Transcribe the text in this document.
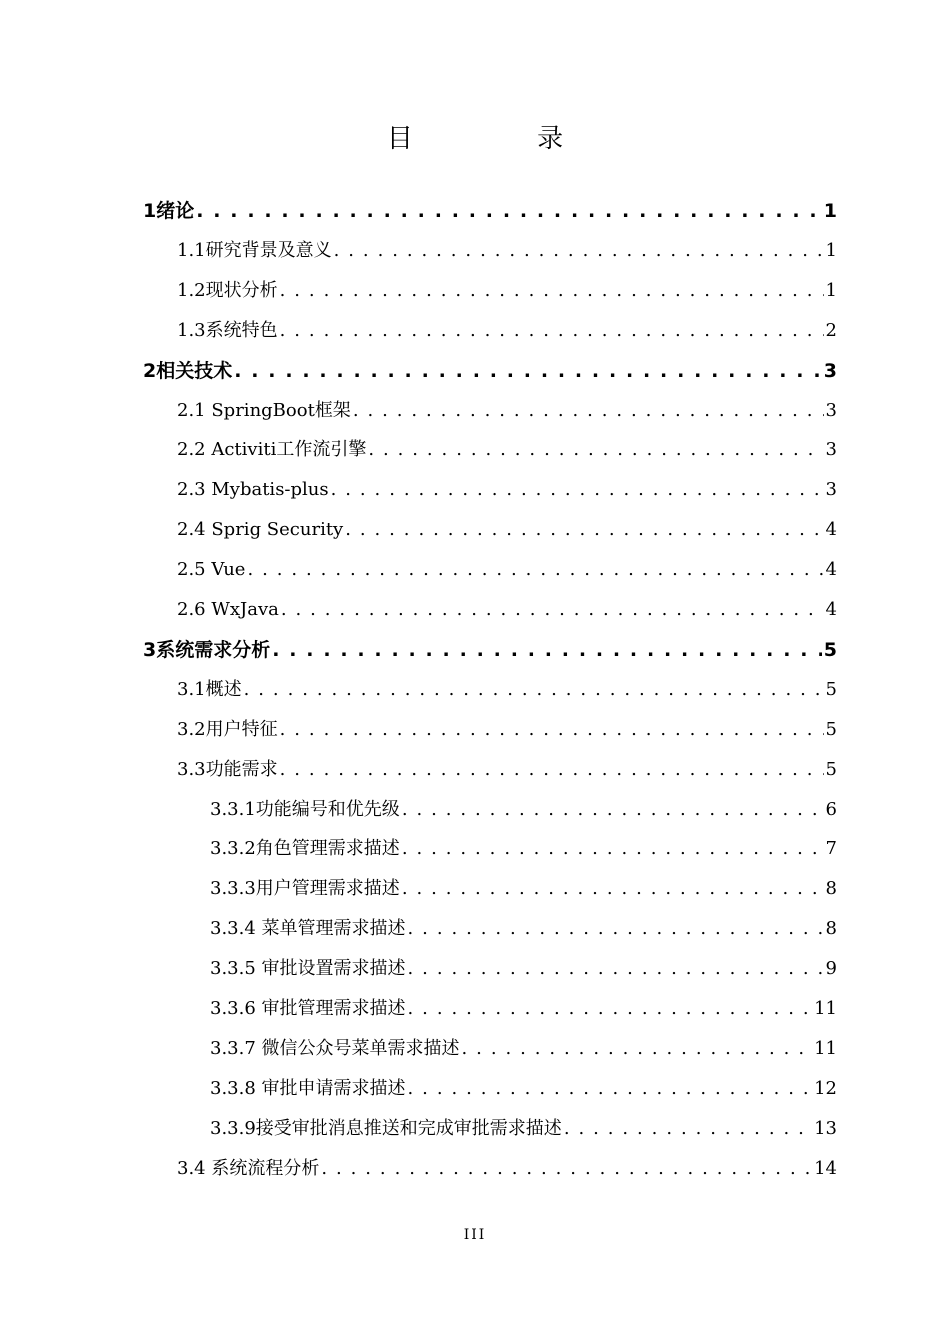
目 录
1绪论 . . .	1
1.1研究背景及意义 . . .	1
1.2现状分析 . . .	1
1.3系统特色 . . .	2
2相关技术 . . .	3
2.1 SpringBoot框架 . . .	3
2.2 Activiti工作流引擎 . . .	3
2.3 Mybatis-plus . . .	3
2.4 Sprig Security . . .	4
2.5 Vue . . .	4
2.6 WxJava . . .	4
3系统需求分析 . . .	5
3.1概述 . . .	5
3.2用户特征 . . .	5
3.3功能需求 . . .	5
3.3.1功能编号和优先级 . . .	6
3.3.2角色管理需求描述 . . .	7
3.3.3用户管理需求描述 . . .	8
3.3.4 菜单管理需求描述 . . .	8
3.3.5 审批设置需求描述 . . .	9
3.3.6 审批管理需求描述 . . .	11
3.3.7 微信公众号菜单需求描述 . . .	11
3.3.8 审批申请需求描述 . . .	12
3.3.9接受审批消息推送和完成审批需求描述 . . .	13
3.4 系统流程分析 . . .	14
III
